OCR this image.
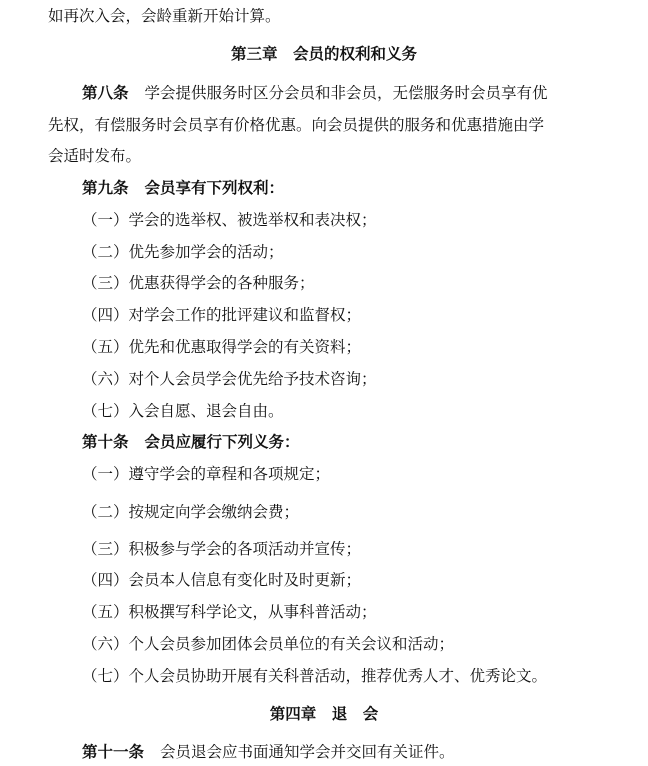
如再次入会，会龄重新开始计算。
第三章　会员的权利和义务
第八条 学会提供服务时区分会员和非会员，无偿服务时会员享有优
先权，有偿服务时会员享有价格优惠。向会员提供的服务和优惠措施由学
会适时发布。
第九条 会员享有下列权利：
（一）学会的选举权、被选举权和表决权；
（二）优先参加学会的活动；
（三）优惠获得学会的各种服务；
（四）对学会工作的批评建议和监督权；
（五）优先和优惠取得学会的有关资料；
（六）对个人会员学会优先给予技术咨询；
（七）入会自愿、退会自由。
第十条 会员应履行下列义务：
（一）遵守学会的章程和各项规定；
（二）按规定向学会缴纳会费；
（三）积极参与学会的各项活动并宣传；
（四）会员本人信息有变化时及时更新；
（五）积极撰写科学论文，从事科普活动；
（六）个人会员参加团体会员单位的有关会议和活动；
（七）个人会员协助开展有关科普活动，推荐优秀人才、优秀论文。
第四章　退　会
第十一条 会员退会应书面通知学会并交回有关证件。
